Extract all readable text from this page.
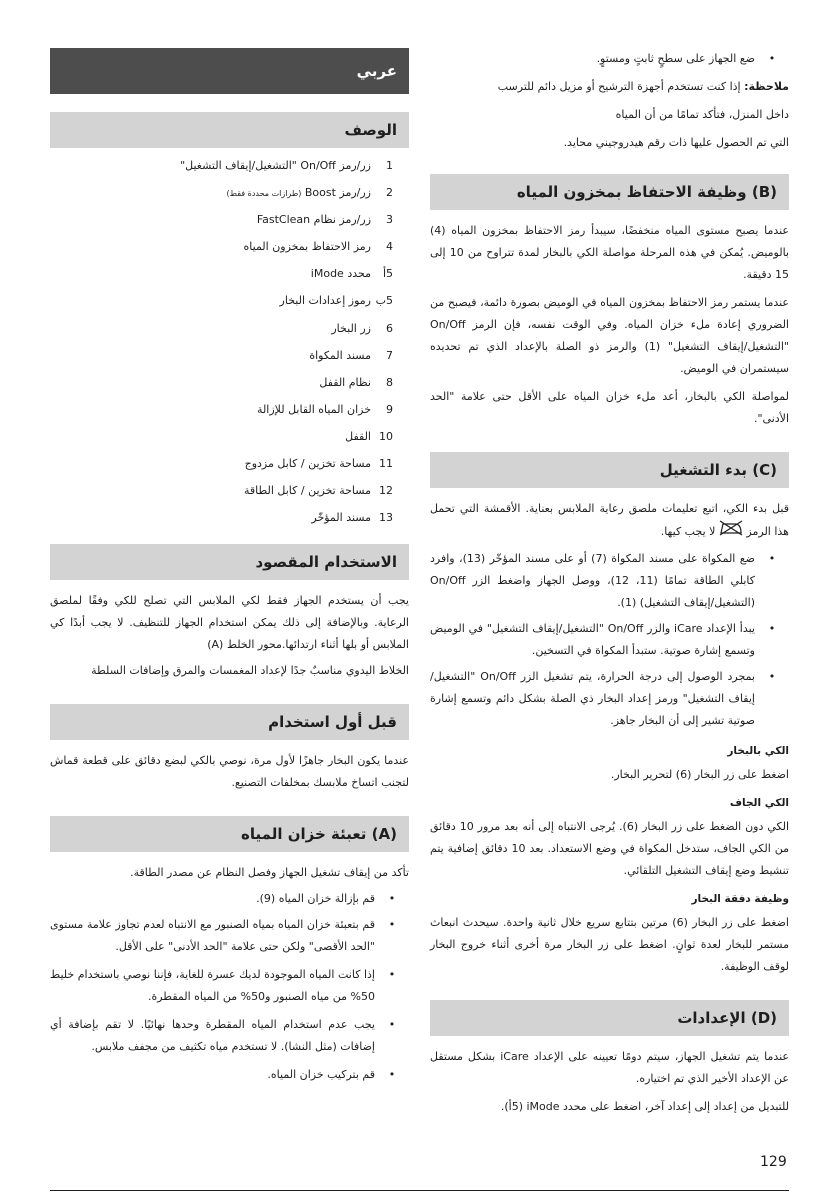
عربي
الوصف
1
زر/رمز On/Off "التشغيل/إيقاف التشغيل"
2
زر/رمز Boost (طرازات محددة فقط)
3
زر/رمز نظام FastClean
4
رمز الاحتفاظ بمخزون المياه
5أ
محدد iMode
5ب
رموز إعدادات البخار
6
زر البخار
7
مسند المكواة
8
نظام القفل
9
خزان المياه القابل للإزالة
10
القفل
11
مساحة تخزين / كابل مزدوج
12
مساحة تخزين / كابل الطاقة
13
مسند المؤخّر
الاستخدام المقصود

يجب أن يستخدم الجهاز فقط لكي الملابس التي تصلح للكي وفقًا لملصق الرعاية. وبالإضافة إلى ذلك يمكن استخدام الجهاز للتنظيف. لا يجب أبدًا كي الملابس أو بلها أثناء ارتدائها.محور الخلط (A)

الخلاط اليدوي مناسبٌ جدًا لإعداد المغمسات والمرق وإضافات السلطة

قبل أول استخدام

عندما يكون البخار جاهزًا لأول مرة، نوصي بالكي لبضع دقائق على قطعة قماش لتجنب اتساخ ملابسك بمخلفات التصنيع.

(A) تعبئة خزان المياه

تأكد من إيقاف تشغيل الجهاز وفصل النظام عن مصدر الطاقة.

•
قم بإزالة خزان المياه (9).
•
قم بتعبئة خزان المياه بمياه الصنبور مع الانتباه لعدم تجاوز علامة مستوى "الحد الأقصى" ولكن حتى علامة "الحد الأدنى" على الأقل.
•
إذا كانت المياه الموجودة لديك عسرة للغاية، فإننا نوصي باستخدام خليط 50% من مياه الصنبور و50% من المياه المقطرة.
•
يجب عدم استخدام المياه المقطرة وحدها نهائيًا. لا تقم بإضافة أي إضافات (مثل النشا). لا تستخدم مياه تكثيف من مجفف ملابس.
•
قم بتركيب خزان المياه.
•
ضع الجهاز على سطحٍ ثابتٍ ومستوٍ.

ملاحظة: إذا كنت تستخدم أجهزة الترشيح أو مزيل دائم للترسب

داخل المنزل، فتأكد تمامًا من أن المياه

التي تم الحصول عليها ذات رقم هيدروجيني محايد.

(B) وظيفة الاحتفاظ بمخزون المياه

عندما يصبح مستوى المياه منخفضًا، سيبدأ رمز الاحتفاظ بمخزون المياه (4) بالوميض. يُمكن في هذه المرحلة مواصلة الكي بالبخار لمدة تتراوح من 10 إلى 15 دقيقة.

عندما يستمر رمز الاحتفاظ بمخزون المياه في الوميض بصورة دائمة، فيصبح من الضروري إعادة ملء خزان المياه. وفي الوقت نفسه، فإن الرمز On/Off "التشغيل/إيقاف التشغيل" (1) والرمز ذو الصلة بالإعداد الذي تم تحديده سيستمران في الوميض.

لمواصلة الكي بالبخار، أعد ملء خزان المياه على الأقل حتى علامة "الحد الأدنى".

(C) بدء التشغيل

قبل بدء الكي، اتبع تعليمات ملصق رعاية الملابس بعناية. الأقمشة التي تحمل هذا الرمز  لا يجب كيها.

•
ضع المكواة على مسند المكواة (7) أو على مسند المؤخّر (13)، وافرد كابلي الطاقة تمامًا (11، 12)، ووصل الجهاز واضغط الزر On/Off (التشغيل/إيقاف التشغيل) (1).
•
يبدأ الإعداد iCare والزر On/Off "التشغيل/إيقاف التشغيل" في الوميض وتسمع إشارة صوتية. ستبدأ المكواة في التسخين.
•
بمجرد الوصول إلى درجة الحرارة، يتم تشغيل الزر On/Off "التشغيل/إيقاف التشغيل" ورمز إعداد البخار ذي الصلة بشكل دائم وتسمع إشارة صوتية تشير إلى أن البخار جاهز.

الكي بالبخار

اضغط على زر البخار (6) لتحرير البخار.

الكي الجاف

الكي دون الضغط على زر البخار (6). يُرجى الانتباه إلى أنه بعد مرور 10 دقائق من الكي الجاف، ستدخل المكواة في وضع الاستعداد. بعد 10 دقائق إضافية يتم تنشيط وضع إيقاف التشغيل التلقائي.

وظيفة دفقة البخار

اضغط على زر البخار (6) مرتين بتتابع سريع خلال ثانية واحدة. سيحدث انبعاث مستمر للبخار لعدة ثوانٍ. اضغط على زر البخار مرة أخرى أثناء خروج البخار لوقف الوظيفة.

(D) الإعدادات

عندما يتم تشغيل الجهاز، سيتم دومًا تعيينه على الإعداد iCare بشكل مستقل عن الإعداد الأخير الذي تم اختياره.

للتبديل من إعداد إلى إعداد آخر، اضغط على محدد iMode (5أ).

129
